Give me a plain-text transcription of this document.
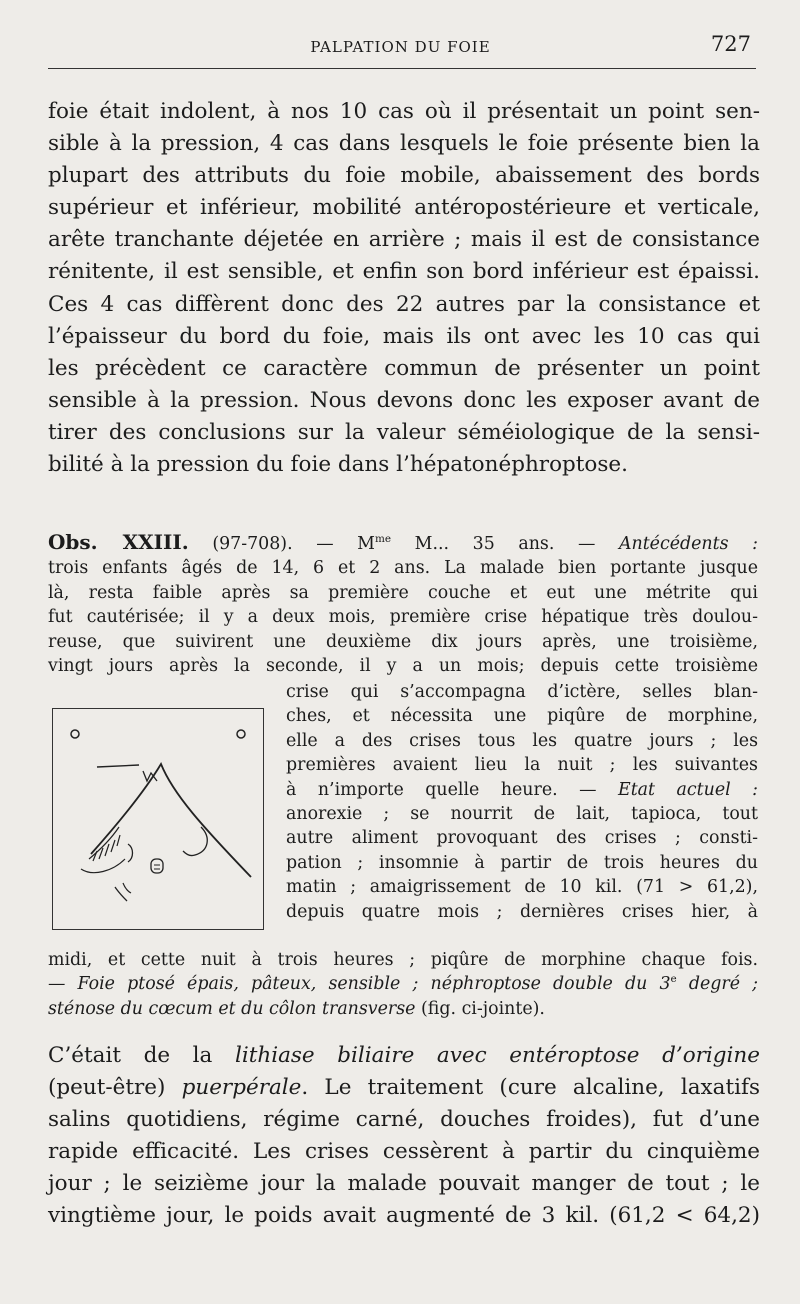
PALPATION DU FOIE	727
foie était indolent, à nos 10 cas où il présentait un point sen-
sible à la pression, 4 cas dans lesquels le foie présente bien la
plupart des attributs du foie mobile, abaissement des bords
supérieur et inférieur, mobilité antéropostérieure et verticale,
arête tranchante déjetée en arrière ; mais il est de consistance
rénitente, il est sensible, et enfin son bord inférieur est épaissi.
Ces 4 cas diffèrent donc des 22 autres par la consistance et
l’épaisseur du bord du foie, mais ils ont avec les 10 cas qui
les précèdent ce caractère commun de présenter un point
sensible à la pression. Nous devons donc les exposer avant de
tirer des conclusions sur la valeur séméiologique de la sensi-
bilité à la pression du foie dans l’hépatonéphroptose.
Obs. XXIII. (97-708). — $M^{me}$ M... 35 ans. — Antécédents :
trois enfants âgés de 14, 6 et 2 ans. La malade bien portante jusque
là, resta faible après sa première couche et eut une métrite qui
fut cautérisée; il y a deux mois, première crise hépatique très doulou-
reuse, que suivirent une deuxième dix jours après, une troisième,
vingt jours après la seconde, il y a un mois; depuis cette troisième
crise qui s’accompagna d’ictère, selles blan-
ches, et nécessita une piqûre de morphine,
elle a des crises tous les quatre jours ; les
premières avaient lieu la nuit ; les suivantes
à n’importe quelle heure. — Etat actuel :
anorexie ; se nourrit de lait, tapioca, tout
autre aliment provoquant des crises ; consti-
pation ; insomnie à partir de trois heures du
matin ; amaigrissement de 10 kil. (71 > 61,2),
depuis quatre mois ; dernières crises hier, à
midi, et cette nuit à trois heures ; piqûre de morphine chaque fois.
— Foie ptosé épais, pâteux, sensible ; néphroptose double du 3e degré ;
sténose du cœcum et du côlon transverse (fig. ci-jointe).
C’était de la lithiase biliaire avec entéroptose d’origine
(peut-être) puerpérale. Le traitement (cure alcaline, laxatifs
salins quotidiens, régime carné, douches froides), fut d’une
rapide efficacité. Les crises cessèrent à partir du cinquième
jour ; le seizième jour la malade pouvait manger de tout ; le
vingtième jour, le poids avait augmenté de 3 kil. (61,2 < 64,2)
